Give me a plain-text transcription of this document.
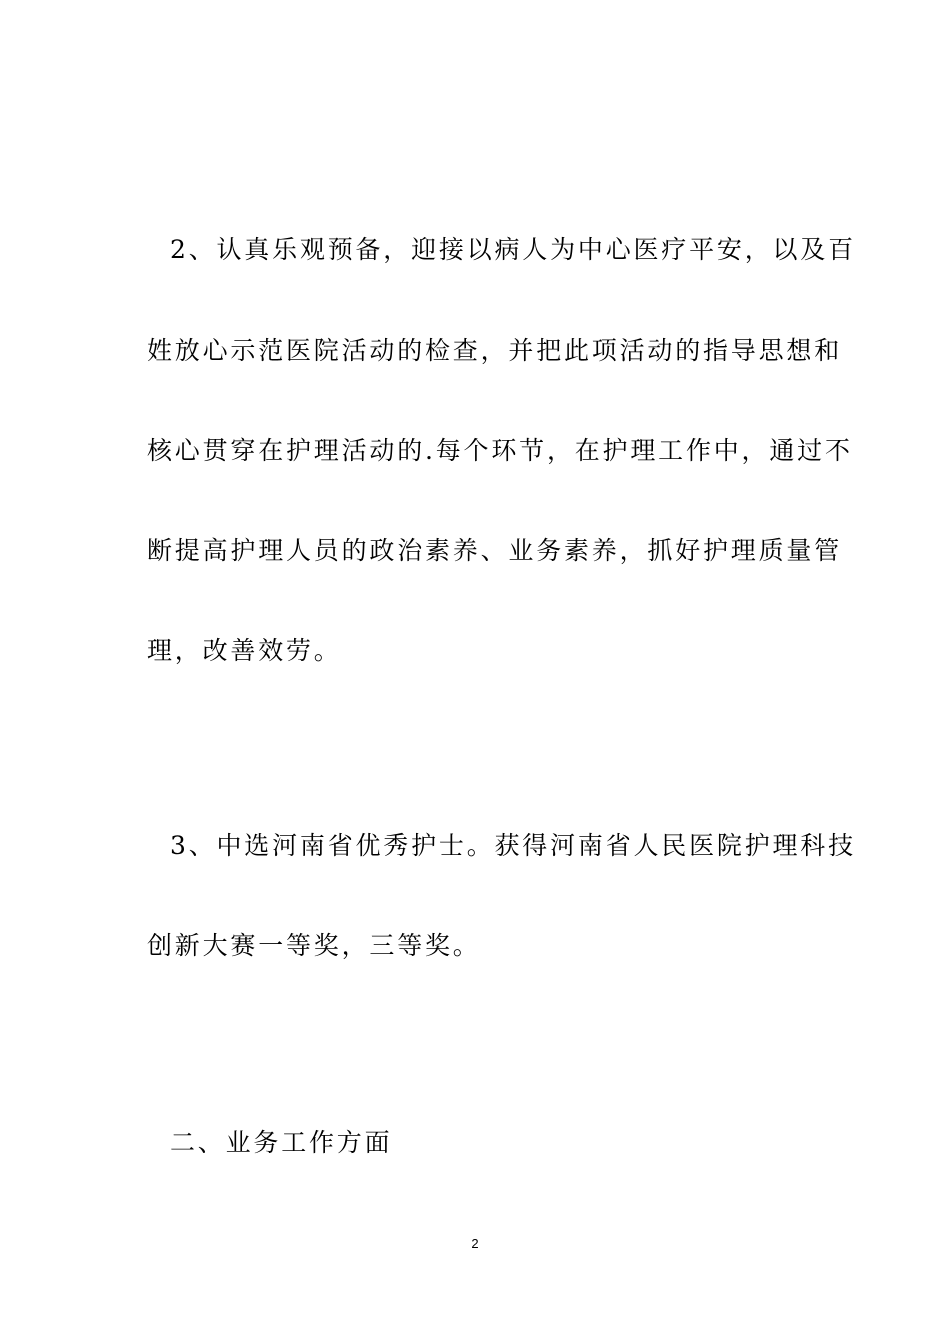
2、认真乐观预备，迎接以病人为中心医疗平安，以及百
姓放心示范医院活动的检查，并把此项活动的指导思想和
核心贯穿在护理活动的.每个环节，在护理工作中，通过不
断提高护理人员的政治素养、业务素养，抓好护理质量管
理，改善效劳。
3、中选河南省优秀护士。获得河南省人民医院护理科技
创新大赛一等奖，三等奖。
二、业务工作方面
2
